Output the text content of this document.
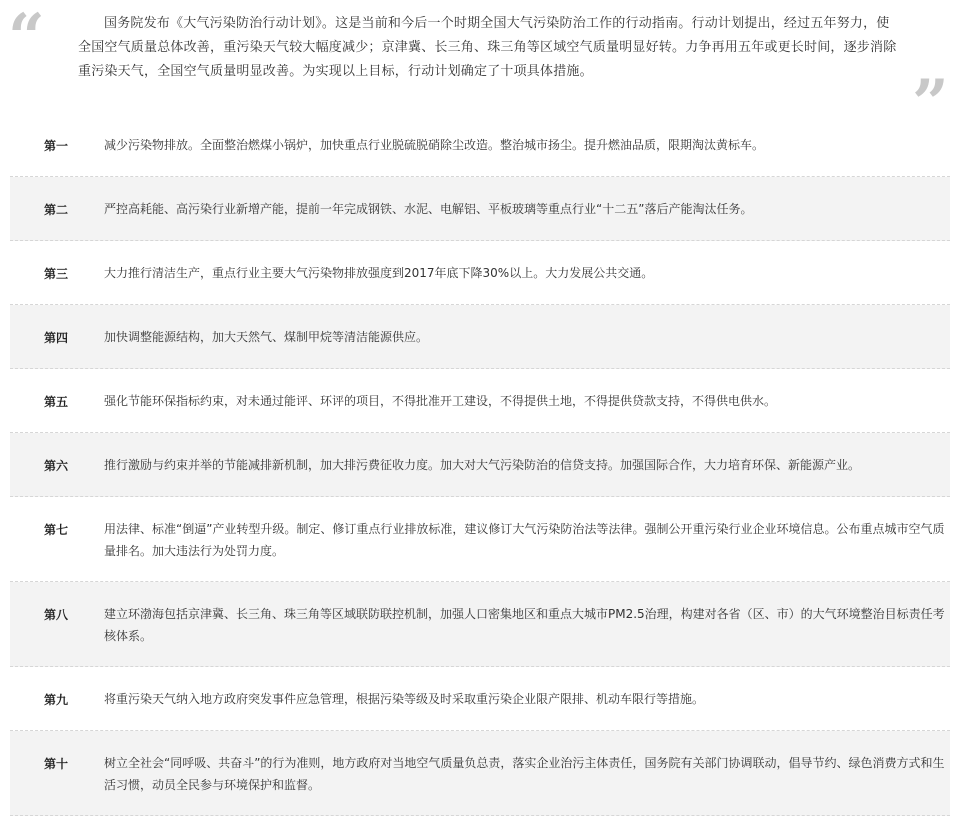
“	国务院发布《大气污染防治行动计划》。这是当前和今后一个时期全国大气污染防治工作的行动指南。行动计划提出，经过五年努力，使全国空气质量总体改善，重污染天气较大幅度减少；京津冀、长三角、珠三角等区域空气质量明显好转。力争再用五年或更长时间，逐步消除重污染天气，全国空气质量明显改善。为实现以上目标，行动计划确定了十项具体措施。	”
第一	减少污染物排放。全面整治燃煤小锅炉，加快重点行业脱硫脱硝除尘改造。整治城市扬尘。提升燃油品质，限期淘汰黄标车。
第二	严控高耗能、高污染行业新增产能，提前一年完成钢铁、水泥、电解铝、平板玻璃等重点行业“十二五”落后产能淘汰任务。
第三	大力推行清洁生产，重点行业主要大气污染物排放强度到2017年底下降30%以上。大力发展公共交通。
第四	加快调整能源结构，加大天然气、煤制甲烷等清洁能源供应。
第五	强化节能环保指标约束，对未通过能评、环评的项目，不得批准开工建设，不得提供土地，不得提供贷款支持，不得供电供水。
第六	推行激励与约束并举的节能减排新机制，加大排污费征收力度。加大对大气污染防治的信贷支持。加强国际合作，大力培育环保、新能源产业。
第七	用法律、标准“倒逼”产业转型升级。制定、修订重点行业排放标准，建议修订大气污染防治法等法律。强制公开重污染行业企业环境信息。公布重点城市空气质量排名。加大违法行为处罚力度。
第八	建立环渤海包括京津冀、长三角、珠三角等区域联防联控机制，加强人口密集地区和重点大城市PM2.5治理，构建对各省（区、市）的大气环境整治目标责任考核体系。
第九	将重污染天气纳入地方政府突发事件应急管理，根据污染等级及时采取重污染企业限产限排、机动车限行等措施。
第十	树立全社会“同呼吸、共奋斗”的行为准则，地方政府对当地空气质量负总责，落实企业治污主体责任，国务院有关部门协调联动，倡导节约、绿色消费方式和生活习惯，动员全民参与环境保护和监督。
